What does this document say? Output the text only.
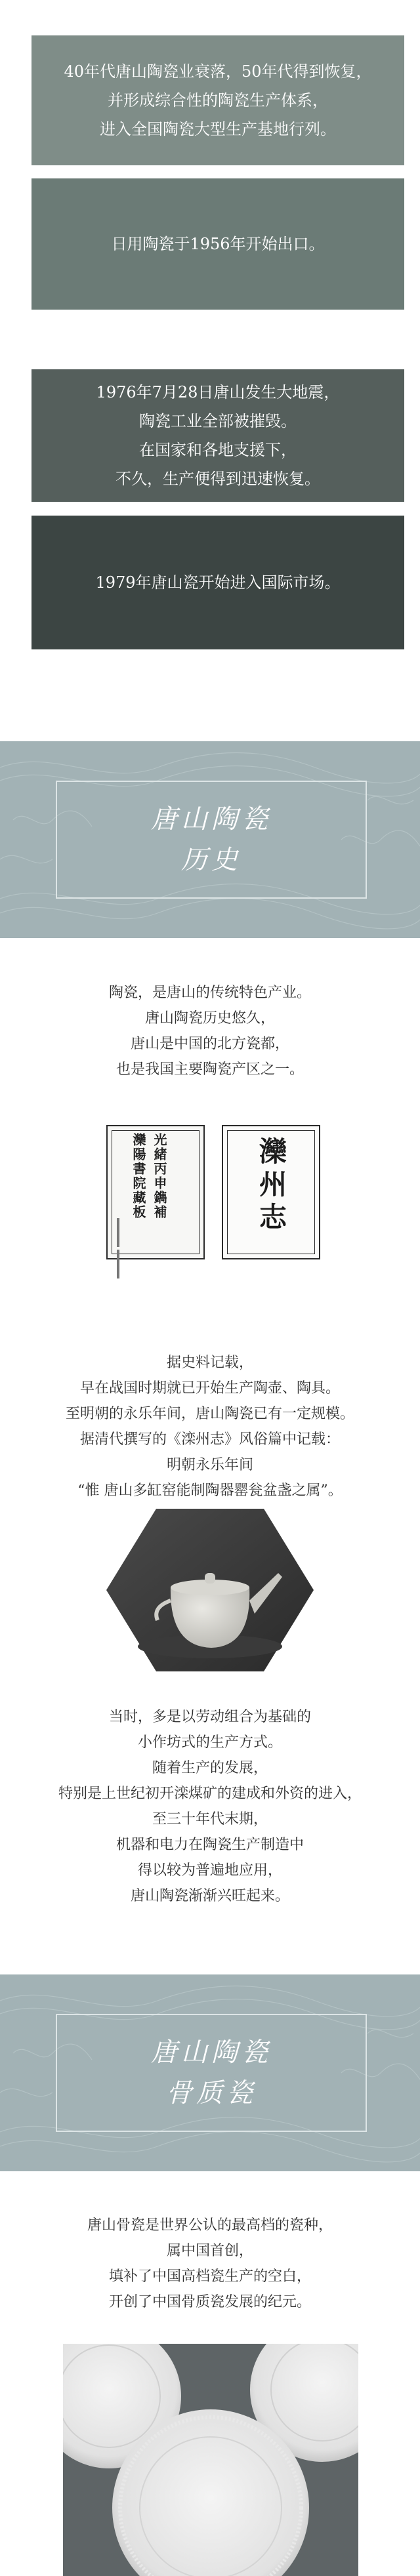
40年代唐山陶瓷业衰落，50年代得到恢复，

并形成综合性的陶瓷生产体系，

进入全国陶瓷大型生产基地行列。

日用陶瓷于1956年开始出口。

1976年7月28日唐山发生大地震，

陶瓷工业全部被摧毁。

在国家和各地支援下，

不久，生产便得到迅速恢复。

1979年唐山瓷开始进入国际市场。

唐山陶瓷
历史

陶瓷，是唐山的传统特色产业。

唐山陶瓷历史悠久，

唐山是中国的北方瓷都，

也是我国主要陶瓷产区之一。

光緒丙申鐫補
灤陽書院藏板
	灤州志

据史料记载，

早在战国时期就已开始生产陶壶、陶具。

至明朝的永乐年间，唐山陶瓷已有一定规模。

据清代撰写的《滦州志》风俗篇中记载：

明朝永乐年间

“惟 唐山多缸窑能制陶器罂瓮盆盏之属”。

当时，多是以劳动组合为基础的

小作坊式的生产方式。

随着生产的发展，

特别是上世纪初开滦煤矿的建成和外资的进入，

至三十年代末期，

机器和电力在陶瓷生产制造中

得以较为普遍地应用，

唐山陶瓷渐渐兴旺起来。

唐山陶瓷
骨质瓷

唐山骨瓷是世界公认的最高档的瓷种，

属中国首创，

填补了中国高档瓷生产的空白，

开创了中国骨质瓷发展的纪元。
